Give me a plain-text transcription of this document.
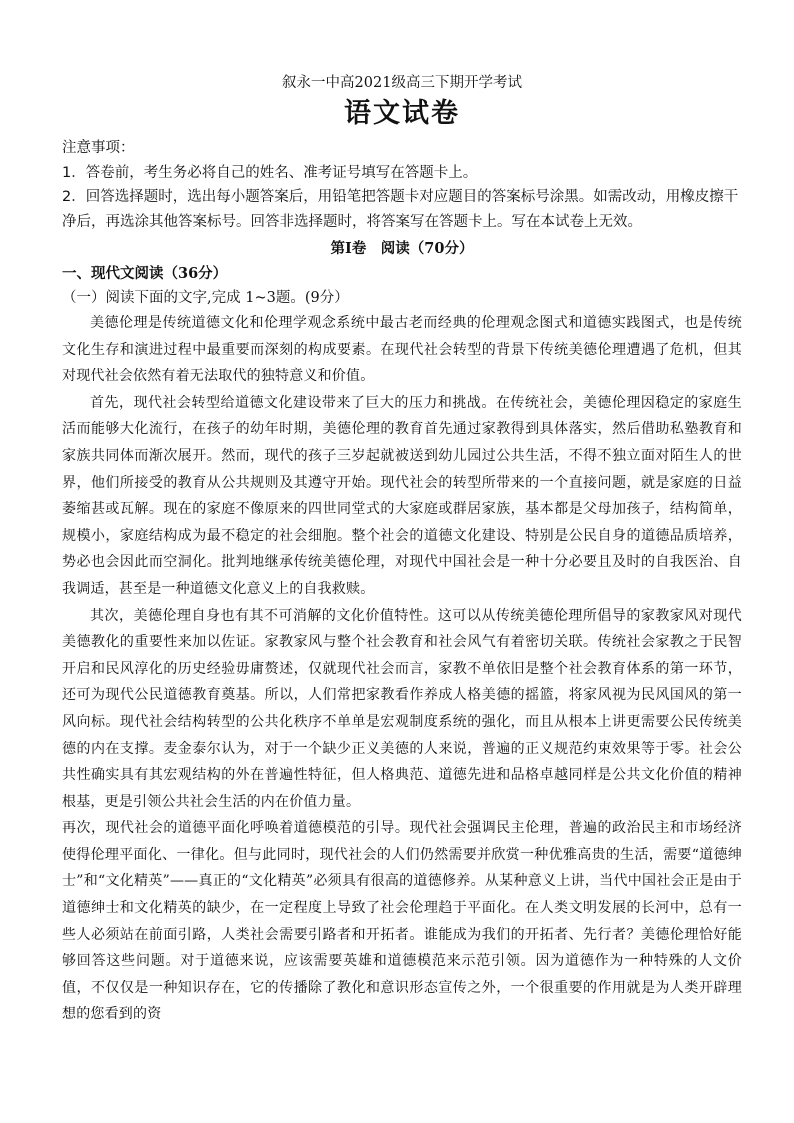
叙永一中高2021级高三下期开学考试

语文试卷

注意事项：

1．答卷前，考生务必将自己的姓名、准考证号填写在答题卡上。

2．回答选择题时，选出每小题答案后，用铅笔把答题卡对应题目的答案标号涂黑。如需改动，用橡皮擦干净后，再选涂其他答案标号。回答非选择题时，将答案写在答题卡上。写在本试卷上无效。

第Ⅰ卷　阅读（70分）

一、现代文阅读（36分）

（一）阅读下面的文字,完成 1~3题。(9分）

美德伦理是传统道德文化和伦理学观念系统中最古老而经典的伦理观念图式和道德实践图式，也是传统文化生存和演进过程中最重要而深刻的构成要素。在现代社会转型的背景下传统美德伦理遭遇了危机，但其对现代社会依然有着无法取代的独特意义和价值。

首先，现代社会转型给道德文化建设带来了巨大的压力和挑战。在传统社会，美德伦理因稳定的家庭生活而能够大化流行，在孩子的幼年时期，美德伦理的教育首先通过家教得到具体落实，然后借助私塾教育和家族共同体而渐次展开。然而，现代的孩子三岁起就被送到幼儿园过公共生活，不得不独立面对陌生人的世界，他们所接受的教育从公共规则及其遵守开始。现代社会的转型所带来的一个直接问题，就是家庭的日益萎缩甚或瓦解。现在的家庭不像原来的四世同堂式的大家庭或群居家族，基本都是父母加孩子，结构简单，规模小，家庭结构成为最不稳定的社会细胞。整个社会的道德文化建设、特别是公民自身的道德品质培养，势必也会因此而空洞化。批判地继承传统美德伦理，对现代中国社会是一种十分必要且及时的自我医治、自我调适，甚至是一种道德文化意义上的自我救赎。

其次，美德伦理自身也有其不可消解的文化价值特性。这可以从传统美德伦理所倡导的家教家风对现代美德教化的重要性来加以佐证。家教家风与整个社会教育和社会风气有着密切关联。传统社会家教之于民智开启和民风淳化的历史经验毋庸赘述，仅就现代社会而言，家教不单依旧是整个社会教育体系的第一环节，还可为现代公民道德教育奠基。所以，人们常把家教看作养成人格美德的摇篮，将家风视为民风国风的第一风向标。现代社会结构转型的公共化秩序不单单是宏观制度系统的强化，而且从根本上讲更需要公民传统美德的内在支撑。麦金泰尔认为，对于一个缺少正义美德的人来说，普遍的正义规范约束效果等于零。社会公共性确实具有其宏观结构的外在普遍性特征，但人格典范、道德先进和品格卓越同样是公共文化价值的精神根基，更是引领公共社会生活的内在价值力量。

再次，现代社会的道德平面化呼唤着道德模范的引导。现代社会强调民主伦理，普遍的政治民主和市场经济使得伦理平面化、一律化。但与此同时，现代社会的人们仍然需要并欣赏一种优雅高贵的生活，需要“道德绅士”和“文化精英”——真正的“文化精英”必须具有很高的道德修养。从某种意义上讲，当代中国社会正是由于道德绅士和文化精英的缺少，在一定程度上导致了社会伦理趋于平面化。在人类文明发展的长河中，总有一些人必须站在前面引路，人类社会需要引路者和开拓者。谁能成为我们的开拓者、先行者？美德伦理恰好能够回答这些问题。对于道德来说，应该需要英雄和道德模范来示范引领。因为道德作为一种特殊的人文价值，不仅仅是一种知识存在，它的传播除了教化和意识形态宣传之外，一个很重要的作用就是为人类开辟理想的您看到的资
